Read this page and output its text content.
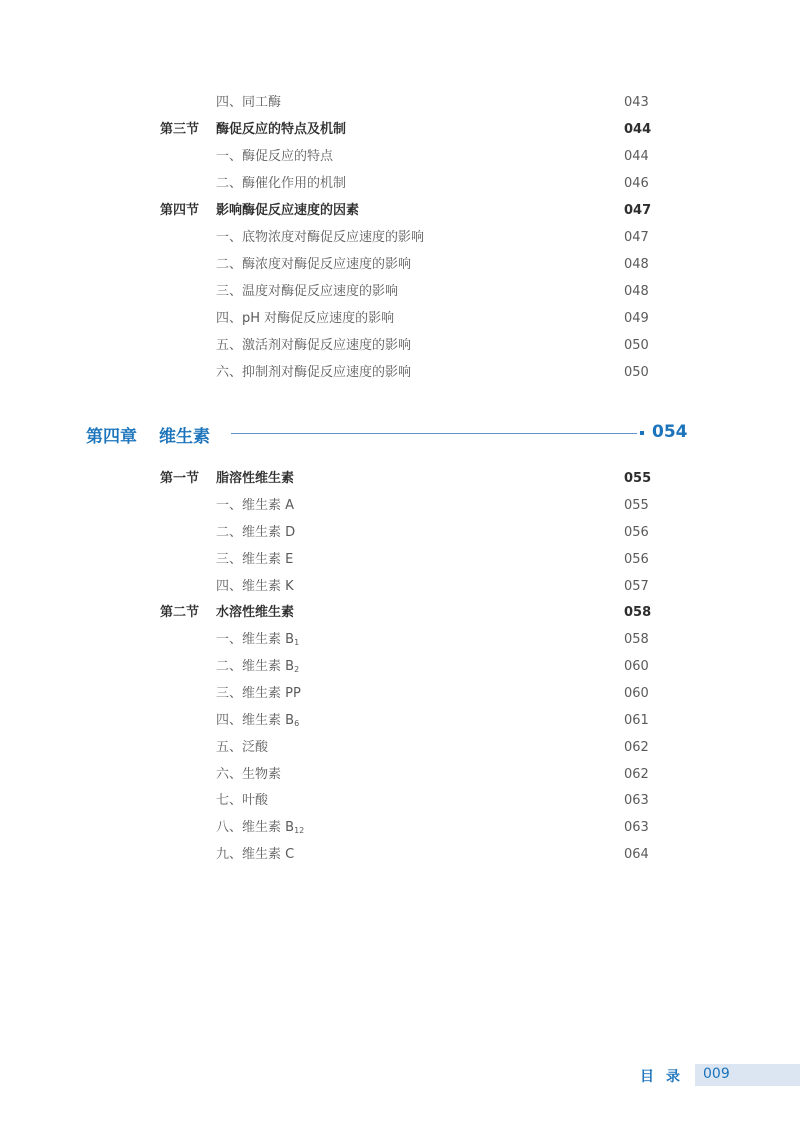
四、同工酶	043
第三节 酶促反应的特点及机制	044
一、酶促反应的特点	044
二、酶催化作用的机制	046
第四节 影响酶促反应速度的因素	047
一、底物浓度对酶促反应速度的影响	047
二、酶浓度对酶促反应速度的影响	048
三、温度对酶促反应速度的影响	048
四、pH 对酶促反应速度的影响	049
五、激活剂对酶促反应速度的影响	050
六、抑制剂对酶促反应速度的影响	050
第四章 维生素	054
第一节 脂溶性维生素	055
一、维生素 A	055
二、维生素 D	056
三、维生素 E	056
四、维生素 K	057
第二节 水溶性维生素	058
一、维生素 $B_1$	058
二、维生素 $B_2$	060
三、维生素 PP	060
四、维生素 $B_6$	061
五、泛酸	062
六、生物素	062
七、叶酸	063
八、维生素 $B_{12}$	063
九、维生素 C	064
目录 009
